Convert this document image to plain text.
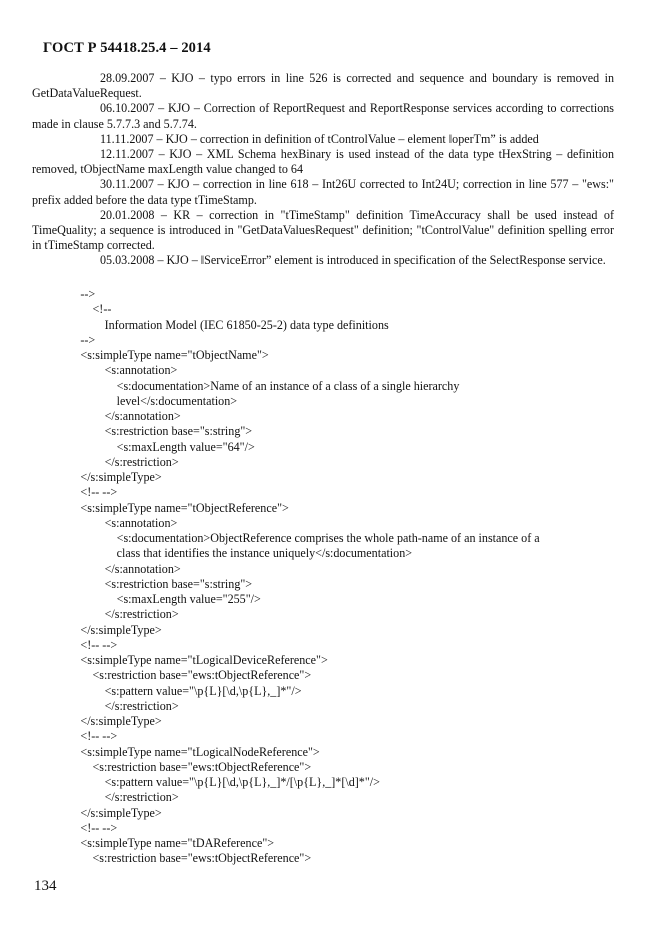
ГОСТ Р 54418.25.4 – 2014

28.09.2007 – KJO – typo errors in line 526 is corrected and sequence and boundary is removed in GetDataValueRequest.

06.10.2007 – KJO – Correction of ReportRequest and ReportResponse services according to corrections made in clause 5.7.7.3 and 5.7.74.

11.11.2007 – KJO – correction in definition of tControlValue – element ‖operTm” is added

12.11.2007 – KJO – XML Schema hexBinary is used instead of the data type tHexString – definition removed, tObjectName maxLength value changed to 64

30.11.2007 – KJO – correction in line 618 – Int26U corrected to Int24U; correction in line 577 – "ews:" prefix added before the data type tTimeStamp.

20.01.2008 – KR – correction in "tTimeStamp" definition TimeAccuracy shall be used instead of TimeQuality; a sequence is introduced in "GetDataValuesRequest" definition; "tControlValue" definition spelling error in tTimeStamp corrected.

05.03.2008 – KJO – ‖ServiceError” element is introduced in specification of the SelectResponse service.

-->
<!--
Information Model (IEC 61850-25-2) data type definitions
-->
<s:simpleType name="tObjectName">
<s:annotation>
<s:documentation>Name of an instance of a class of a single hierarchy
level</s:documentation>
</s:annotation>
<s:restriction base="s:string">
<s:maxLength value="64"/>
</s:restriction>
</s:simpleType>
<!-- -->
<s:simpleType name="tObjectReference">
<s:annotation>
<s:documentation>ObjectReference comprises the whole path-name of an instance of a
class that identifies the instance uniquely</s:documentation>
</s:annotation>
<s:restriction base="s:string">
<s:maxLength value="255"/>
</s:restriction>
</s:simpleType>
<!-- -->
<s:simpleType name="tLogicalDeviceReference">
<s:restriction base="ews:tObjectReference">
<s:pattern value="\p{L}[\d,\p{L},_]*"/>
</s:restriction>
</s:simpleType>
<!-- -->
<s:simpleType name="tLogicalNodeReference">
<s:restriction base="ews:tObjectReference">
<s:pattern value="\p{L}[\d,\p{L},_]*/[\p{L},_]*[\d]*"/>
</s:restriction>
</s:simpleType>
<!-- -->
<s:simpleType name="tDAReference">
<s:restriction base="ews:tObjectReference">
134
